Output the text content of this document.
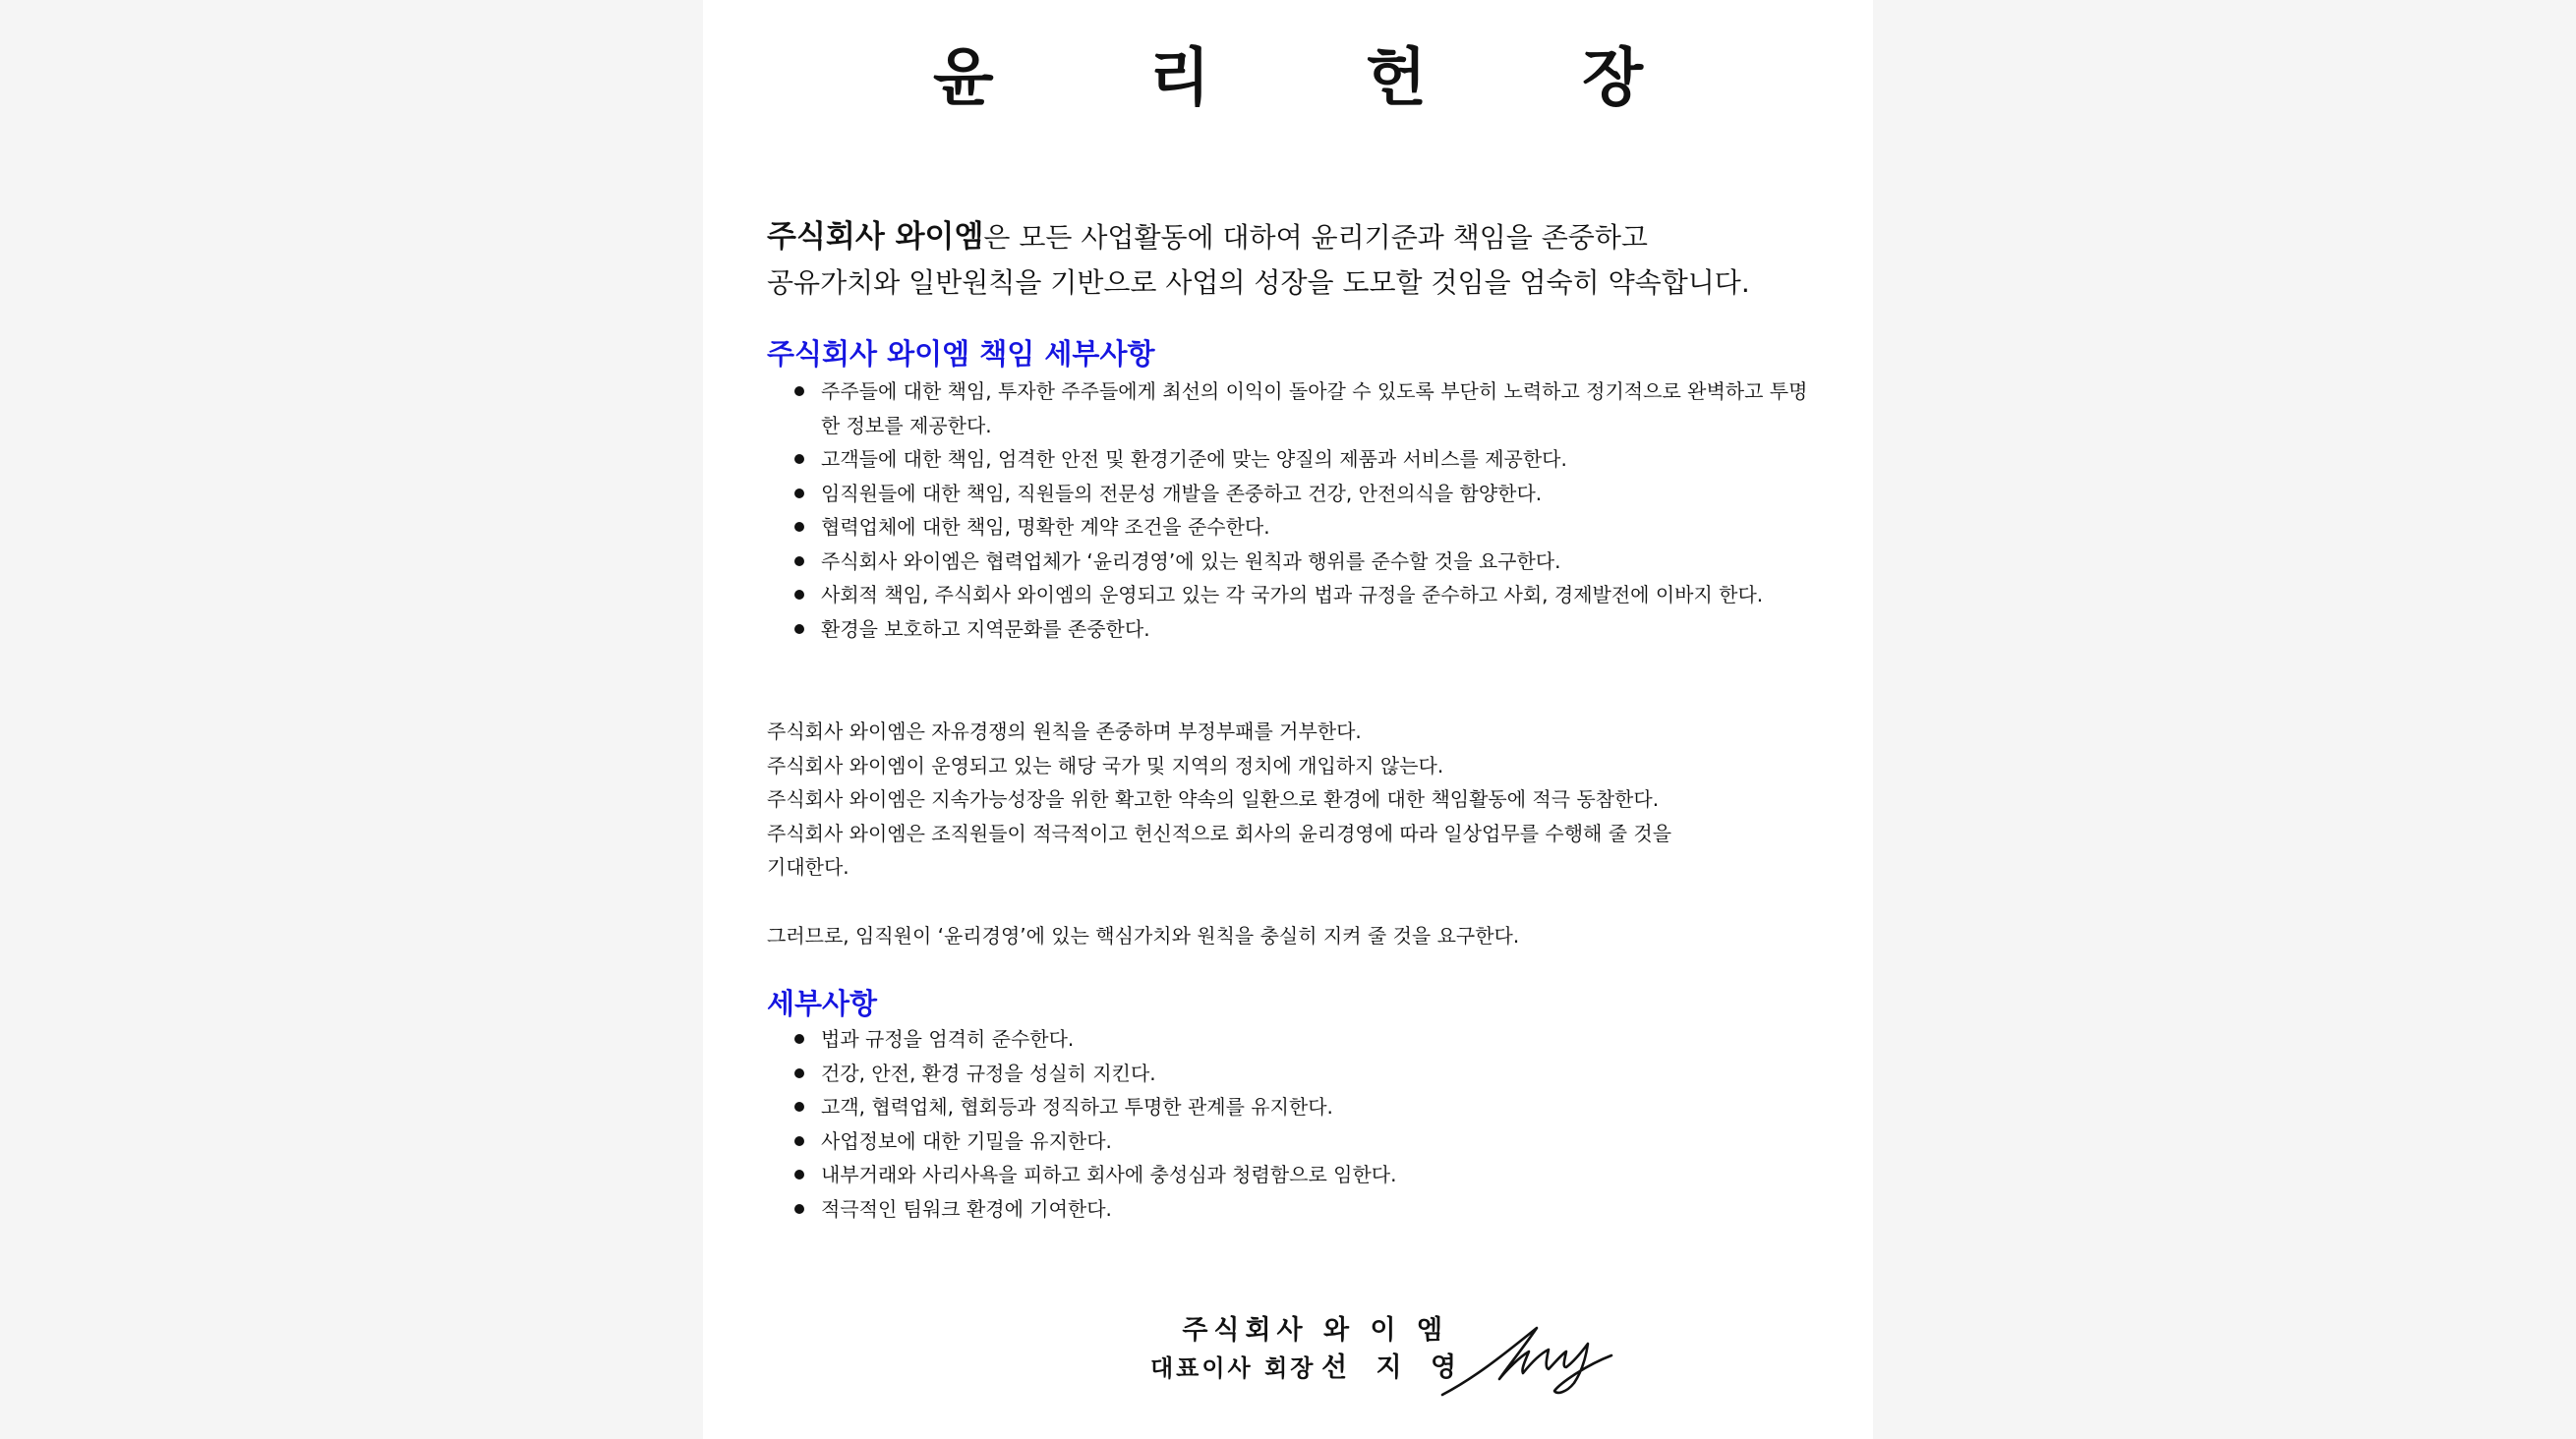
윤 리 헌 장
주식회사 와이엠은 모든 사업활동에 대하여 윤리기준과 책임을 존중하고
공유가치와 일반원칙을 기반으로 사업의 성장을 도모할 것임을 엄숙히 약속합니다.
주식회사 와이엠 책임 세부사항
주주들에 대한 책임, 투자한 주주들에게 최선의 이익이 돌아갈 수 있도록 부단히 노력하고 정기적으로 완벽하고 투명한 정보를 제공한다.
고객들에 대한 책임, 엄격한 안전 및 환경기준에 맞는 양질의 제품과 서비스를 제공한다.
임직원들에 대한 책임, 직원들의 전문성 개발을 존중하고 건강, 안전의식을 함양한다.
협력업체에 대한 책임, 명확한 계약 조건을 준수한다.
주식회사 와이엠은 협력업체가 ‘윤리경영’에 있는 원칙과 행위를 준수할 것을 요구한다.
사회적 책임, 주식회사 와이엠의 운영되고 있는 각 국가의 법과 규정을 준수하고 사회, 경제발전에 이바지 한다.
환경을 보호하고 지역문화를 존중한다.
주식회사 와이엠은 자유경쟁의 원칙을 존중하며 부정부패를 거부한다.
주식회사 와이엠이 운영되고 있는 해당 국가 및 지역의 정치에 개입하지 않는다.
주식회사 와이엠은 지속가능성장을 위한 확고한 약속의 일환으로 환경에 대한 책임활동에 적극 동참한다.
주식회사 와이엠은 조직원들이 적극적이고 헌신적으로 회사의 윤리경영에 따라 일상업무를 수행해 줄 것을
기대한다.
그러므로, 임직원이 ‘윤리경영’에 있는 핵심가치와 원칙을 충실히 지켜 줄 것을 요구한다.
세부사항
법과 규정을 엄격히 준수한다.
건강, 안전, 환경 규정을 성실히 지킨다.
고객, 협력업체, 협회등과 정직하고 투명한 관계를 유지한다.
사업정보에 대한 기밀을 유지한다.
내부거래와 사리사욕을 피하고 회사에 충성심과 청렴함으로 임한다.
적극적인 팀워크 환경에 기여한다.
주식회사 와 이 엠
대표이사 회장 선 지 영
